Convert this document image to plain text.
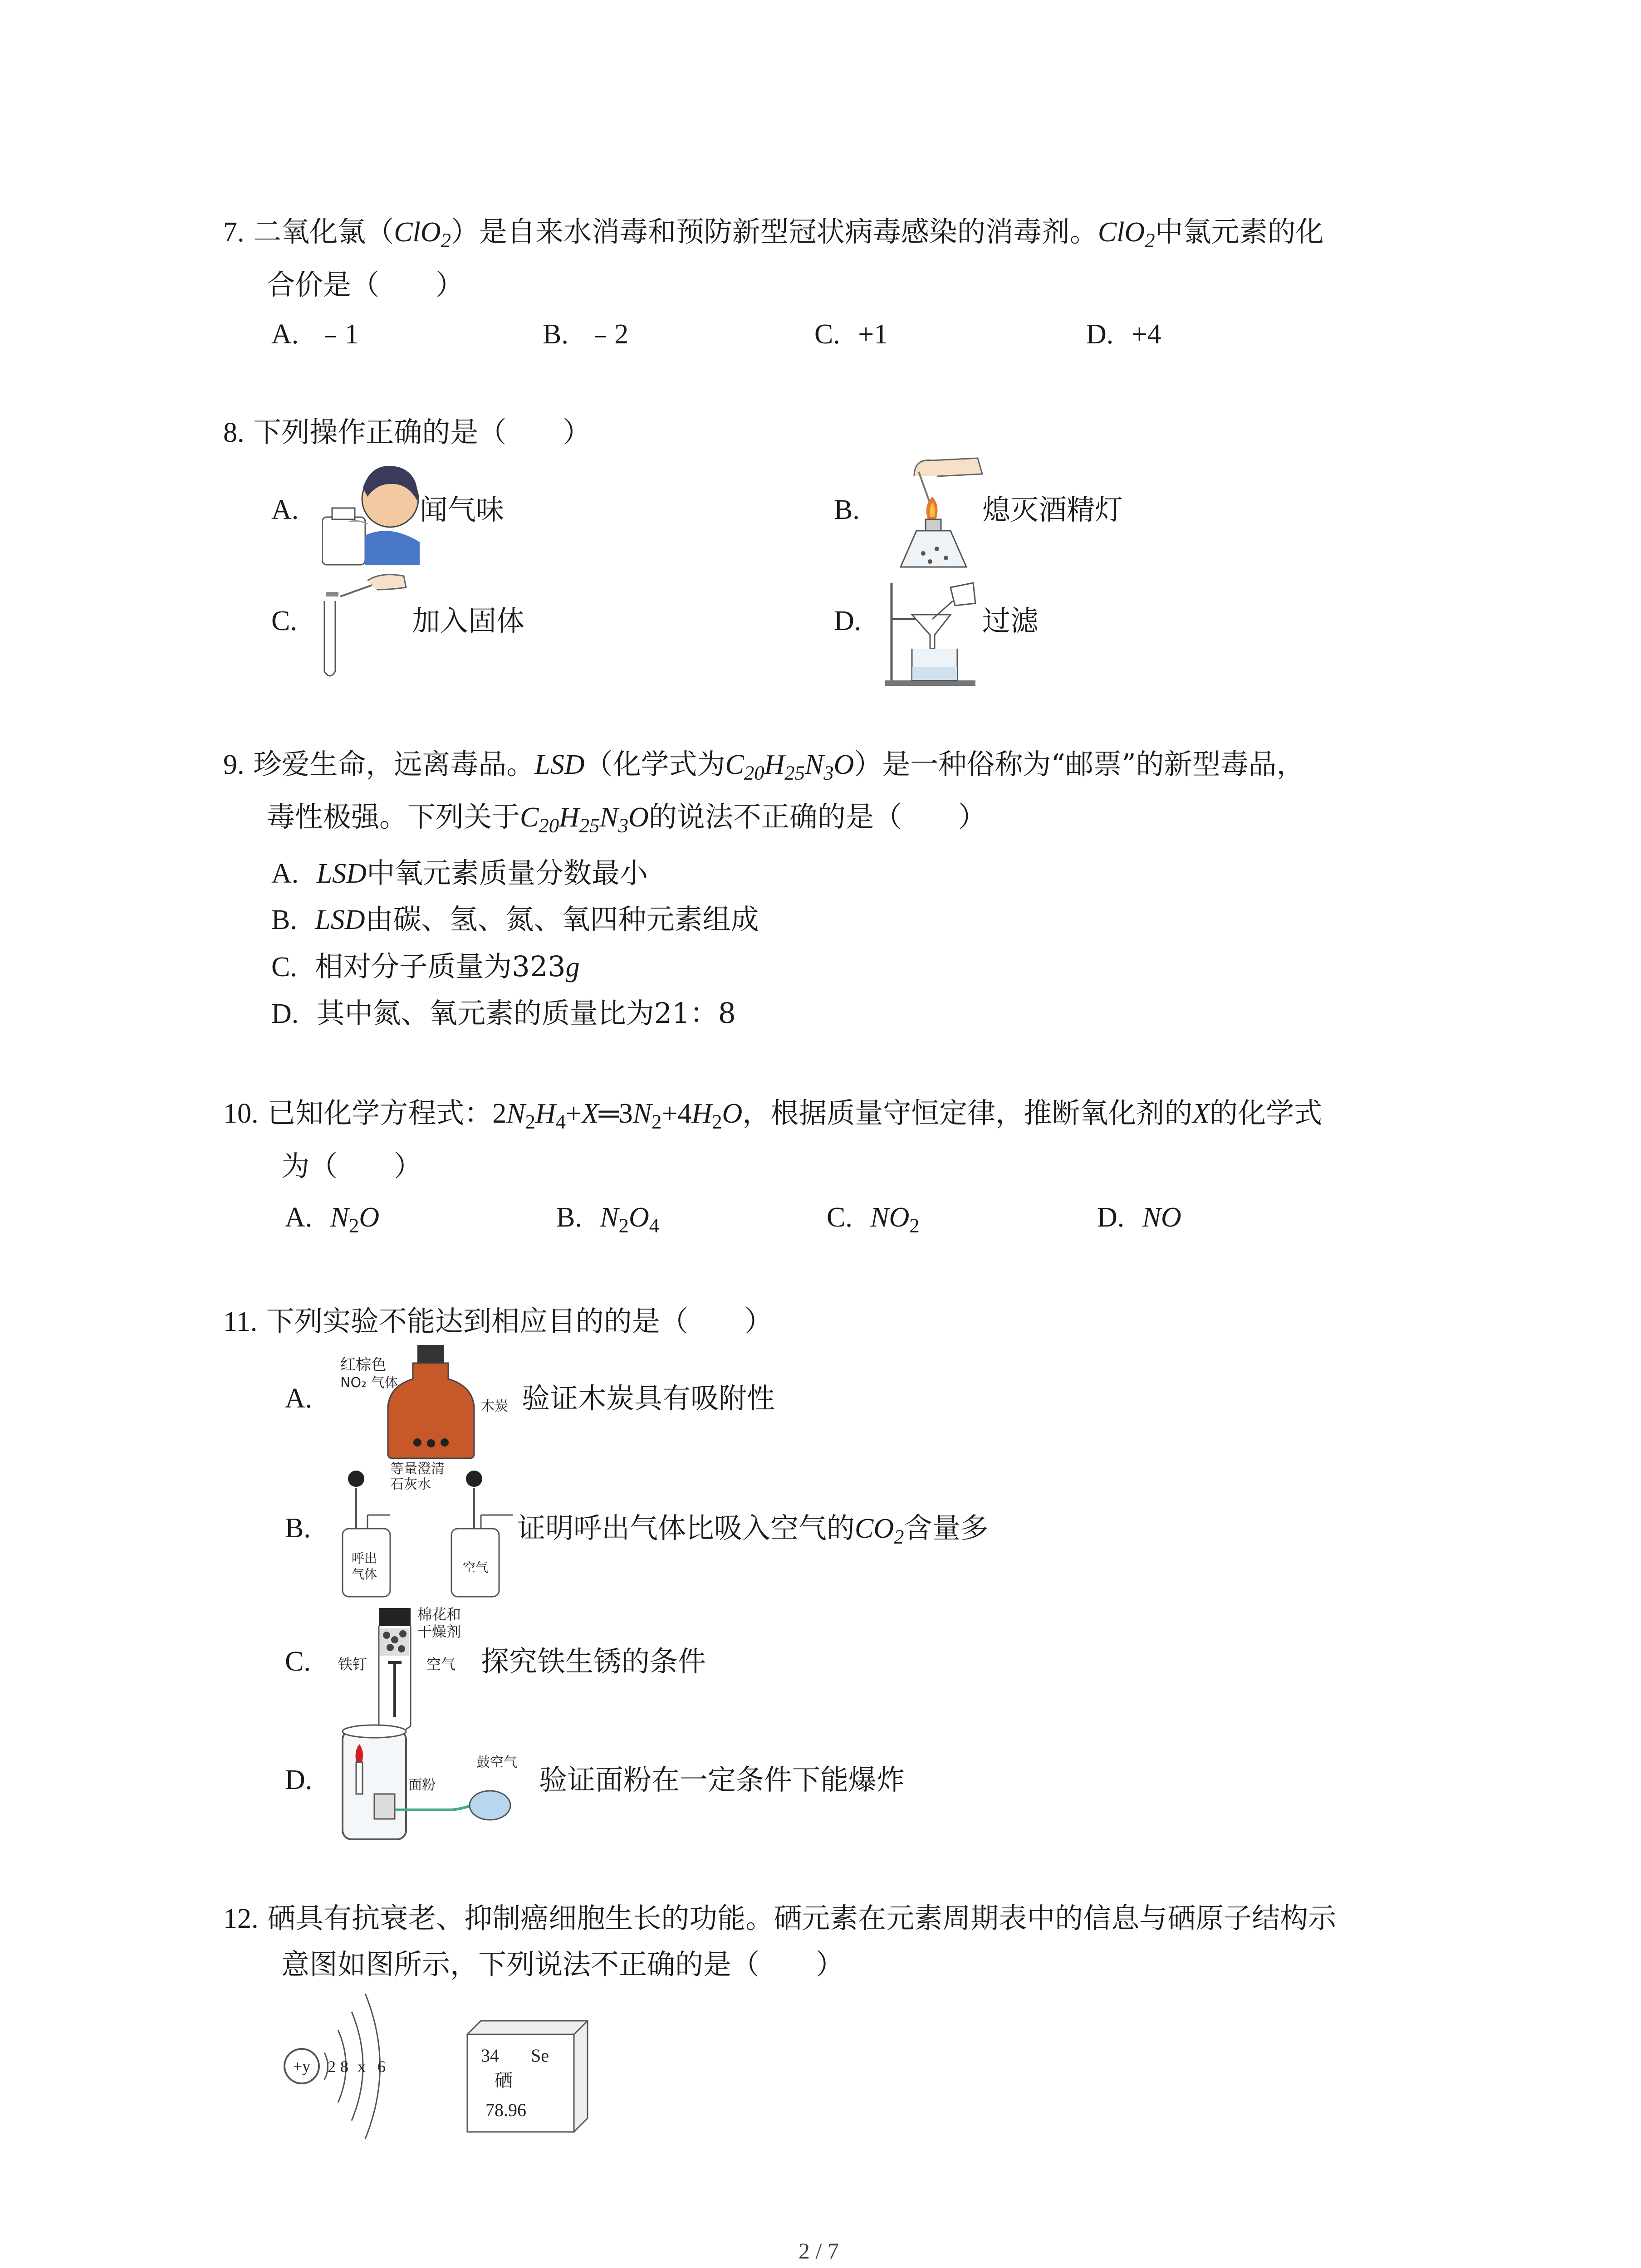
7. 二氧化氯（ClO$_2$）是自来水消毒和预防新型冠状病毒感染的消毒剂。ClO$_2$中氯元素的化
合价是（　　）
A. ﹣1	B. ﹣2	C. +1	D. +4
8. 下列操作正确的是（　　）
A.	闻气味	B.	熄灭酒精灯
C.	加入固体	D.	过滤
9. 珍爱生命，远离毒品。LSD（化学式为$C_{20}H_{25}N_3O$）是一种俗称为“邮票”的新型毒品，
毒性极强。下列关于$C_{20}H_{25}N_3O$的说法不正确的是（　　）
A. LSD中氧元素质量分数最小
B. LSD由碳、氢、氮、氧四种元素组成
C. 相对分子质量为323g
D. 其中氮、氧元素的质量比为21：8
10. 已知化学方程式：$2N_2H_4+X═3N_2+4H_2O$，根据质量守恒定律，推断氧化剂的X的化学式
为（　　）
A. $N_2O$	B. $N_2O_4$	C. $NO_2$	D. NO
11. 下列实验不能达到相应目的的是（　　）
A.
红棕色
NO₂ 气体
木炭 验证木炭具有吸附性
B.
等量澄清
石灰水
呼出
气体	空气
证明呼出气体比吸入空气的$CO_2$含量多
C.
棉花和
干燥剂
铁钉	空气 探究铁生锈的条件
D.	面粉
鼓空气
验证面粉在一定条件下能爆炸
12. 硒具有抗衰老、抑制癌细胞生长的功能。硒元素在元素周期表中的信息与硒原子结构示
意图如图所示，下列说法不正确的是（　　）
+y 2 8 x 6
34 Se
硒
78.96
2 / 7
